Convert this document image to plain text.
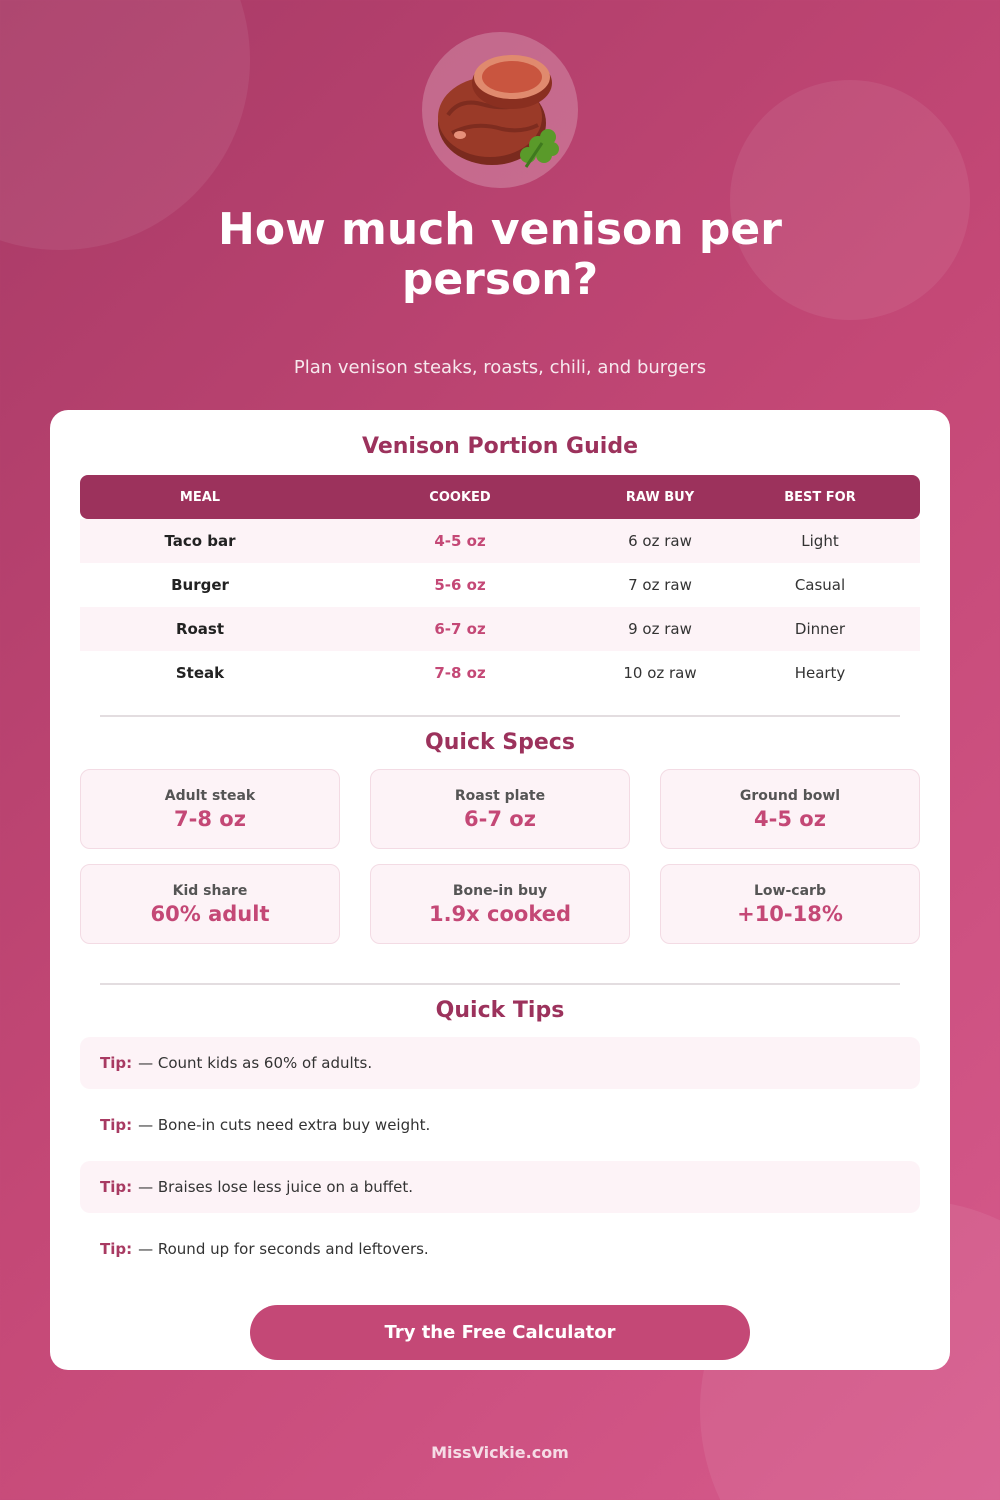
How much venison per person?

Plan venison steaks, roasts, chili, and burgers

Venison Portion Guide
MEAL	COOKED	RAW BUY	BEST FOR
Taco bar	4-5 oz	6 oz raw	Light
Burger	5-6 oz	7 oz raw	Casual
Roast	6-7 oz	9 oz raw	Dinner
Steak	7-8 oz	10 oz raw	Hearty
Quick Specs
Adult steak
7-8 oz
Roast plate
6-7 oz
Ground bowl
4-5 oz
Kid share
60% adult
Bone-in buy
1.9x cooked
Low-carb
+10-18%
Quick Tips
Tip: — Count kids as 60% of adults.
Tip: — Bone-in cuts need extra buy weight.
Tip: — Braises lose less juice on a buffet.
Tip: — Round up for seconds and leftovers.
Try the Free Calculator
MissVickie.com
